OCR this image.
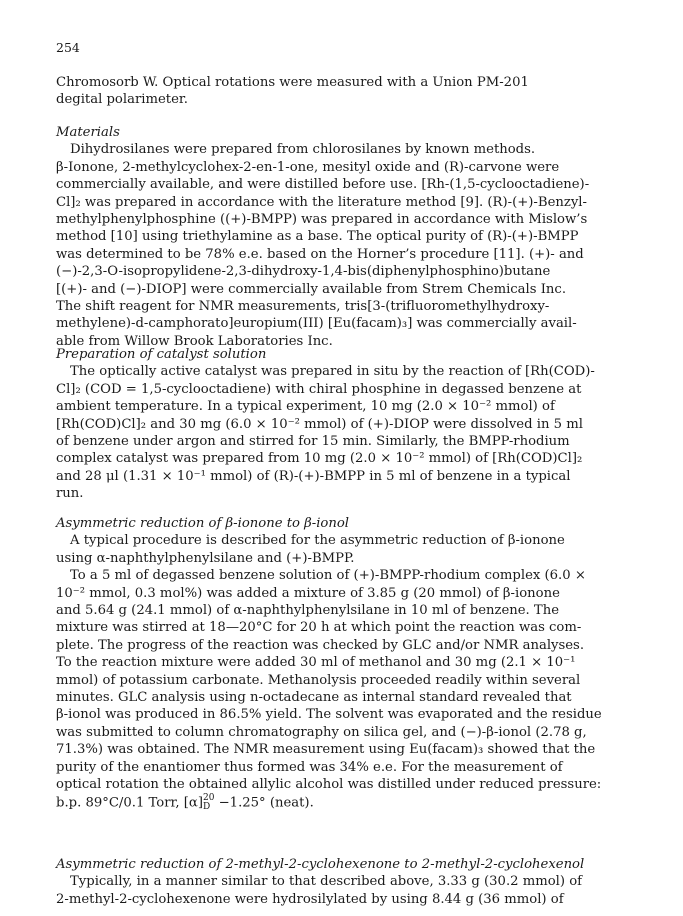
254
Chromosorb W. Optical rotations were measured with a Union PM-201
degital polarimeter.
Materials
Dihydrosilanes were prepared from chlorosilanes by known methods.
β-Ionone, 2-methylcyclohex-2-en-1-one, mesityl oxide and (R)-carvone were
commercially available, and were distilled before use. [Rh-(1,5-cyclooctadiene)-
Cl]₂ was prepared in accordance with the literature method [9]. (R)-(+)-Benzyl-
methylphenylphosphine ((+)-BMPP) was prepared in accordance with Mislow’s
method [10] using triethylamine as a base. The optical purity of (R)-(+)-BMPP
was determined to be 78% e.e. based on the Horner’s procedure [11]. (+)- and
(−)-2,3-O-isopropylidene-2,3-dihydroxy-1,4-bis(diphenylphosphino)butane
[(+)- and (−)-DIOP] were commercially available from Strem Chemicals Inc.
The shift reagent for NMR measurements, tris[3-(trifluoromethylhydroxy-
methylene)-d-camphorato]europium(III) [Eu(facam)₃] was commercially avail-
able from Willow Brook Laboratories Inc.
Preparation of catalyst solution
The optically active catalyst was prepared in situ by the reaction of [Rh(COD)-
Cl]₂ (COD = 1,5-cyclooctadiene) with chiral phosphine in degassed benzene at
ambient temperature. In a typical experiment, 10 mg (2.0 × 10⁻² mmol) of
[Rh(COD)Cl]₂ and 30 mg (6.0 × 10⁻² mmol) of (+)-DIOP were dissolved in 5 ml
of benzene under argon and stirred for 15 min. Similarly, the BMPP-rhodium
complex catalyst was prepared from 10 mg (2.0 × 10⁻² mmol) of [Rh(COD)Cl]₂
and 28 μl (1.31 × 10⁻¹ mmol) of (R)-(+)-BMPP in 5 ml of benzene in a typical
run.
Asymmetric reduction of β-ionone to β-ionol
A typical procedure is described for the asymmetric reduction of β-ionone
using α-naphthylphenylsilane and (+)-BMPP.
To a 5 ml of degassed benzene solution of (+)-BMPP-rhodium complex (6.0 ×
10⁻² mmol, 0.3 mol%) was added a mixture of 3.85 g (20 mmol) of β-ionone
and 5.64 g (24.1 mmol) of α-naphthylphenylsilane in 10 ml of benzene. The
mixture was stirred at 18—20°C for 20 h at which point the reaction was com-
plete. The progress of the reaction was checked by GLC and/or NMR analyses.
To the reaction mixture were added 30 ml of methanol and 30 mg (2.1 × 10⁻¹
mmol) of potassium carbonate. Methanolysis proceeded readily within several
minutes. GLC analysis using n-octadecane as internal standard revealed that
β-ionol was produced in 86.5% yield. The solvent was evaporated and the residue
was submitted to column chromatography on silica gel, and (−)-β-ionol (2.78 g,
71.3%) was obtained. The NMR measurement using Eu(facam)₃ showed that the
purity of the enantiomer thus formed was 34% e.e. For the measurement of
optical rotation the obtained allylic alcohol was distilled under reduced pressure:
b.p. 89°C/0.1 Torr, [α] 20
D −1.25° (neat).
Asymmetric reduction of 2-methyl-2-cyclohexenone to 2-methyl-2-cyclohexenol
Typically, in a manner similar to that described above, 3.33 g (30.2 mmol) of
2-methyl-2-cyclohexenone were hydrosilylated by using 8.44 g (36 mmol) of
